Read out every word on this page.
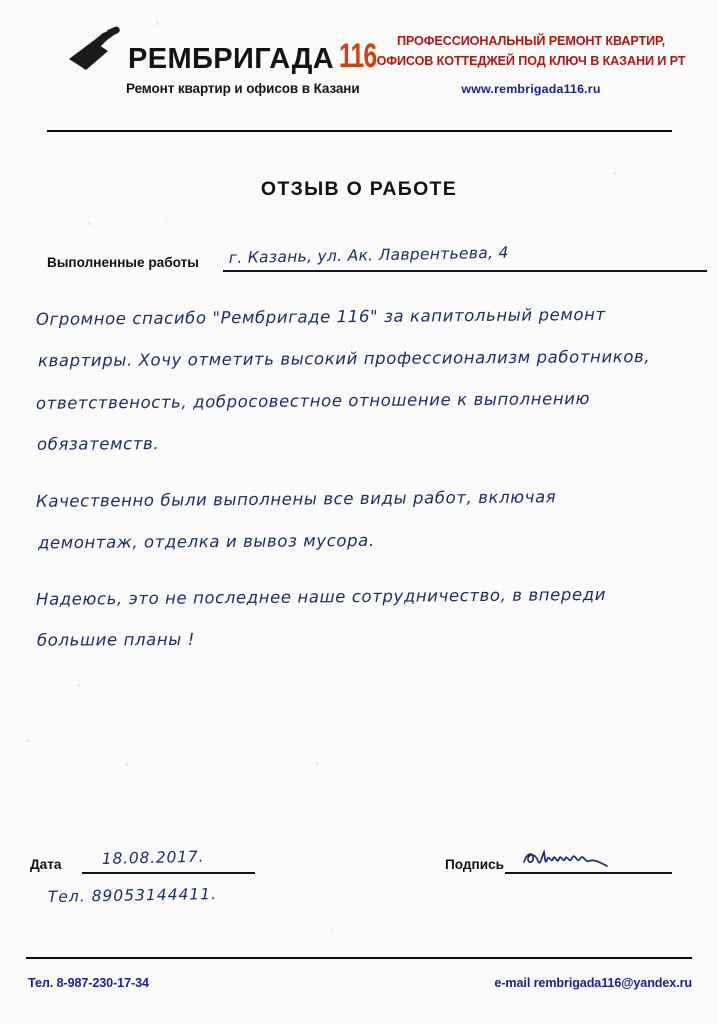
РЕМБРИГАДА 116
Ремонт квартир и офисов в Казани
ПРОФЕССИОНАЛЬНЫЙ РЕМОНТ КВАРТИР,
ОФИСОВ КОТТЕДЖЕЙ ПОД КЛЮЧ В КАЗАНИ И РТ
www.rembrigada116.ru
ОТЗЫВ О РАБОТЕ
Выполненные работы г. Казань, ул. Ак. Лаврентьева, 4
Огромное спасибо "Рембригаде 116" за капитольный ремонт
квартиры. Хочу отметить высокий профессионализм работников,
ответственость, добросовестное отношение к выполнению
обязатемств.
Качественно были выполнены все виды работ, включая
демонтаж, отделка и вывоз мусора.
Надеюсь, это не последнее наше сотрудничество, в впереди
большие планы !
Дата	18.08.2017.	Подпись
Тел. 89053144411.
Тел. 8-987-230-17-34	e-mail rembrigada116@yandex.ru
